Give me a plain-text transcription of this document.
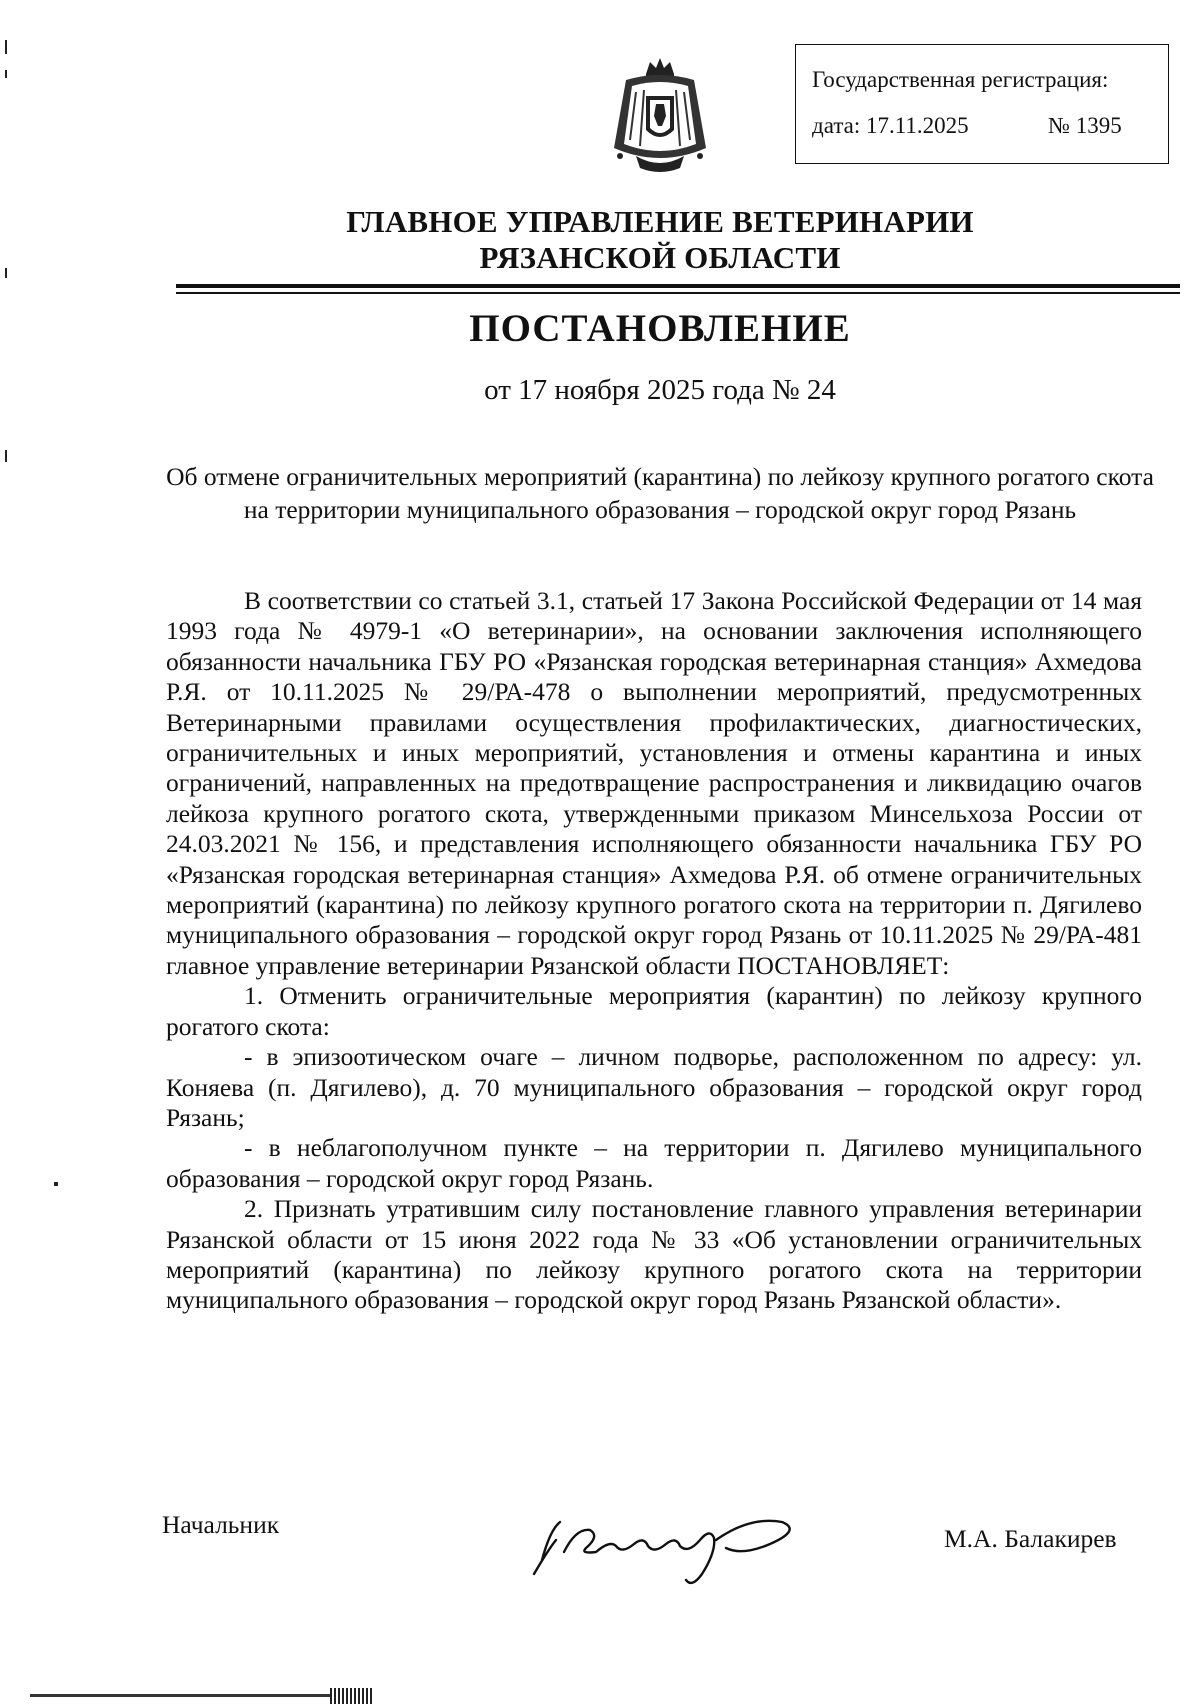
Государственная регистрация:
дата: 17.11.2025	№ 1395
ГЛАВНОЕ УПРАВЛЕНИЕ ВЕТЕРИНАРИИ
РЯЗАНСКОЙ ОБЛАСТИ
ПОСТАНОВЛЕНИЕ
от 17 ноября 2025 года № 24
Об отмене ограничительных мероприятий (карантина) по лейкозу крупного рогатого скота на территории муниципального образования – городской округ город Рязань

В соответствии со статьей 3.1, статьей 17 Закона Российской Федерации от 14 мая 1993 года № 4979-1 «О ветеринарии», на основании заключения исполняющего обязанности начальника ГБУ РО «Рязанская городская ветеринарная станция» Ахмедова Р.Я. от 10.11.2025 № 29/РА-478 о выполнении мероприятий, предусмотренных Ветеринарными правилами осуществления профилактических, диагностических, ограничительных и иных мероприятий, установления и отмены карантина и иных ограничений, направленных на предотвращение распространения и ликвидацию очагов лейкоза крупного рогатого скота, утвержденными приказом Минсельхоза России от 24.03.2021 № 156, и представления исполняющего обязанности начальника ГБУ РО «Рязанская городская ветеринарная станция» Ахмедова Р.Я. об отмене ограничительных мероприятий (карантина) по лейкозу крупного рогатого скота на территории п. Дягилево муниципального образования – городской округ город Рязань от 10.11.2025 № 29/РА-481 главное управление ветеринарии Рязанской области ПОСТАНОВЛЯЕТ:

1. Отменить ограничительные мероприятия (карантин) по лейкозу крупного рогатого скота:

- в эпизоотическом очаге – личном подворье, расположенном по адресу: ул. Коняева (п. Дягилево), д. 70 муниципального образования – городской округ город Рязань;

- в неблагополучном пункте – на территории п. Дягилево муниципального образования – городской округ город Рязань.

2. Признать утратившим силу постановление главного управления ветеринарии Рязанской области от 15 июня 2022 года № 33 «Об установлении ограничительных мероприятий (карантина) по лейкозу крупного рогатого скота на территории муниципального образования – городской округ город Рязань Рязанской области».

Начальник	М.А. Балакирев
